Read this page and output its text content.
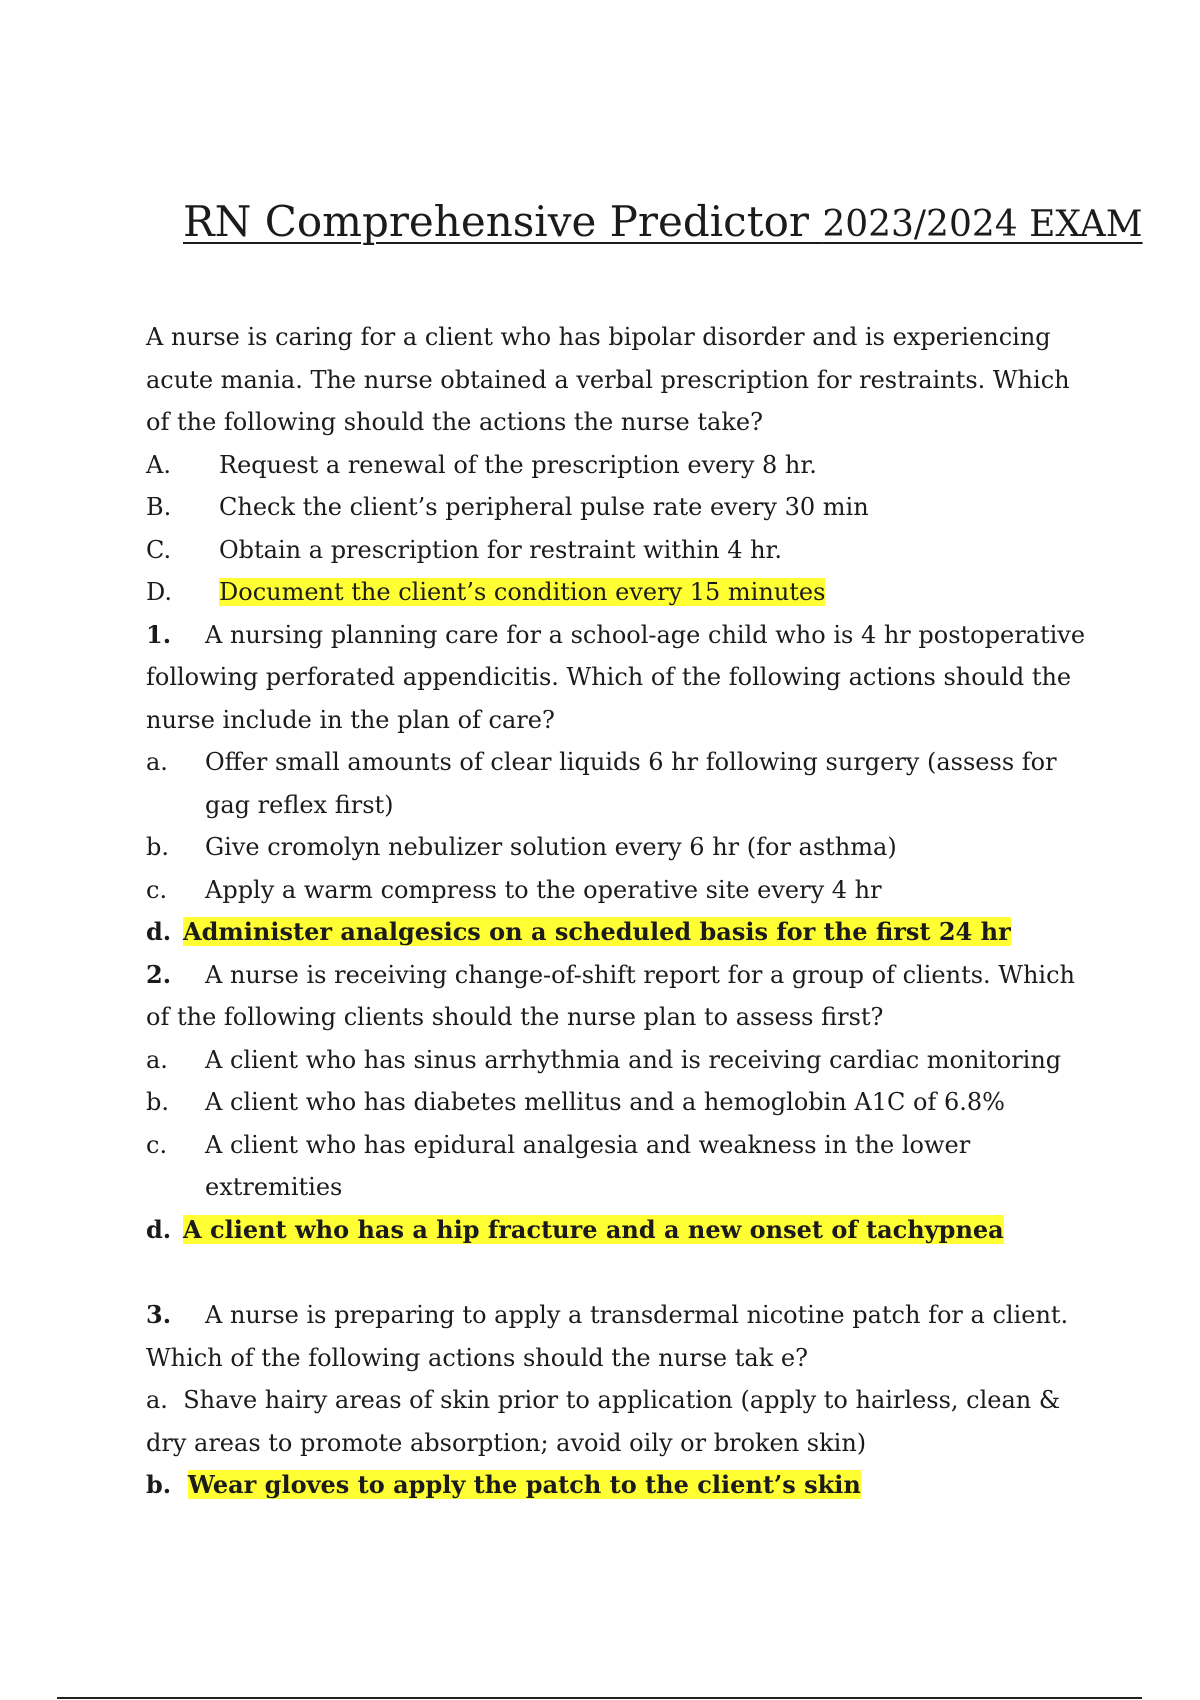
RN Comprehensive Predictor 2023/2024 EXAM

A nurse is caring for a client who has bipolar disorder and is experiencing acute mania. The nurse obtained a verbal prescription for restraints. Which of the following should the actions the nurse take?

A. Request a renewal of the prescription every 8 hr.

B. Check the client’s peripheral pulse rate every 30 min

C. Obtain a prescription for restraint within 4 hr.

D. Document the client’s condition every 15 minutes

1. A nursing planning care for a school-age child who is 4 hr postoperative following perforated appendicitis. Which of the following actions should the nurse include in the plan of care?

a.	Offer small amounts of clear liquids 6 hr following surgery (assess for gag reflex first)
b.	Give cromolyn nebulizer solution every 6 hr (for asthma)
c.	Apply a warm compress to the operative site every 4 hr
d. Administer analgesics on a scheduled basis for the first 24 hr

2. A nurse is receiving change-of-shift report for a group of clients. Which of the following clients should the nurse plan to assess first?

a.	A client who has sinus arrhythmia and is receiving cardiac monitoring
b.	A client who has diabetes mellitus and a hemoglobin A1C of 6.8%
c.	A client who has epidural analgesia and weakness in the lower extremities
d. A client who has a hip fracture and a new onset of tachypnea

3. A nurse is preparing to apply a transdermal nicotine patch for a client. Which of the following actions should the nurse tak e?

a. Shave hairy areas of skin prior to application (apply to hairless, clean & dry areas to promote absorption; avoid oily or broken skin)

b. Wear gloves to apply the patch to the client’s skin
